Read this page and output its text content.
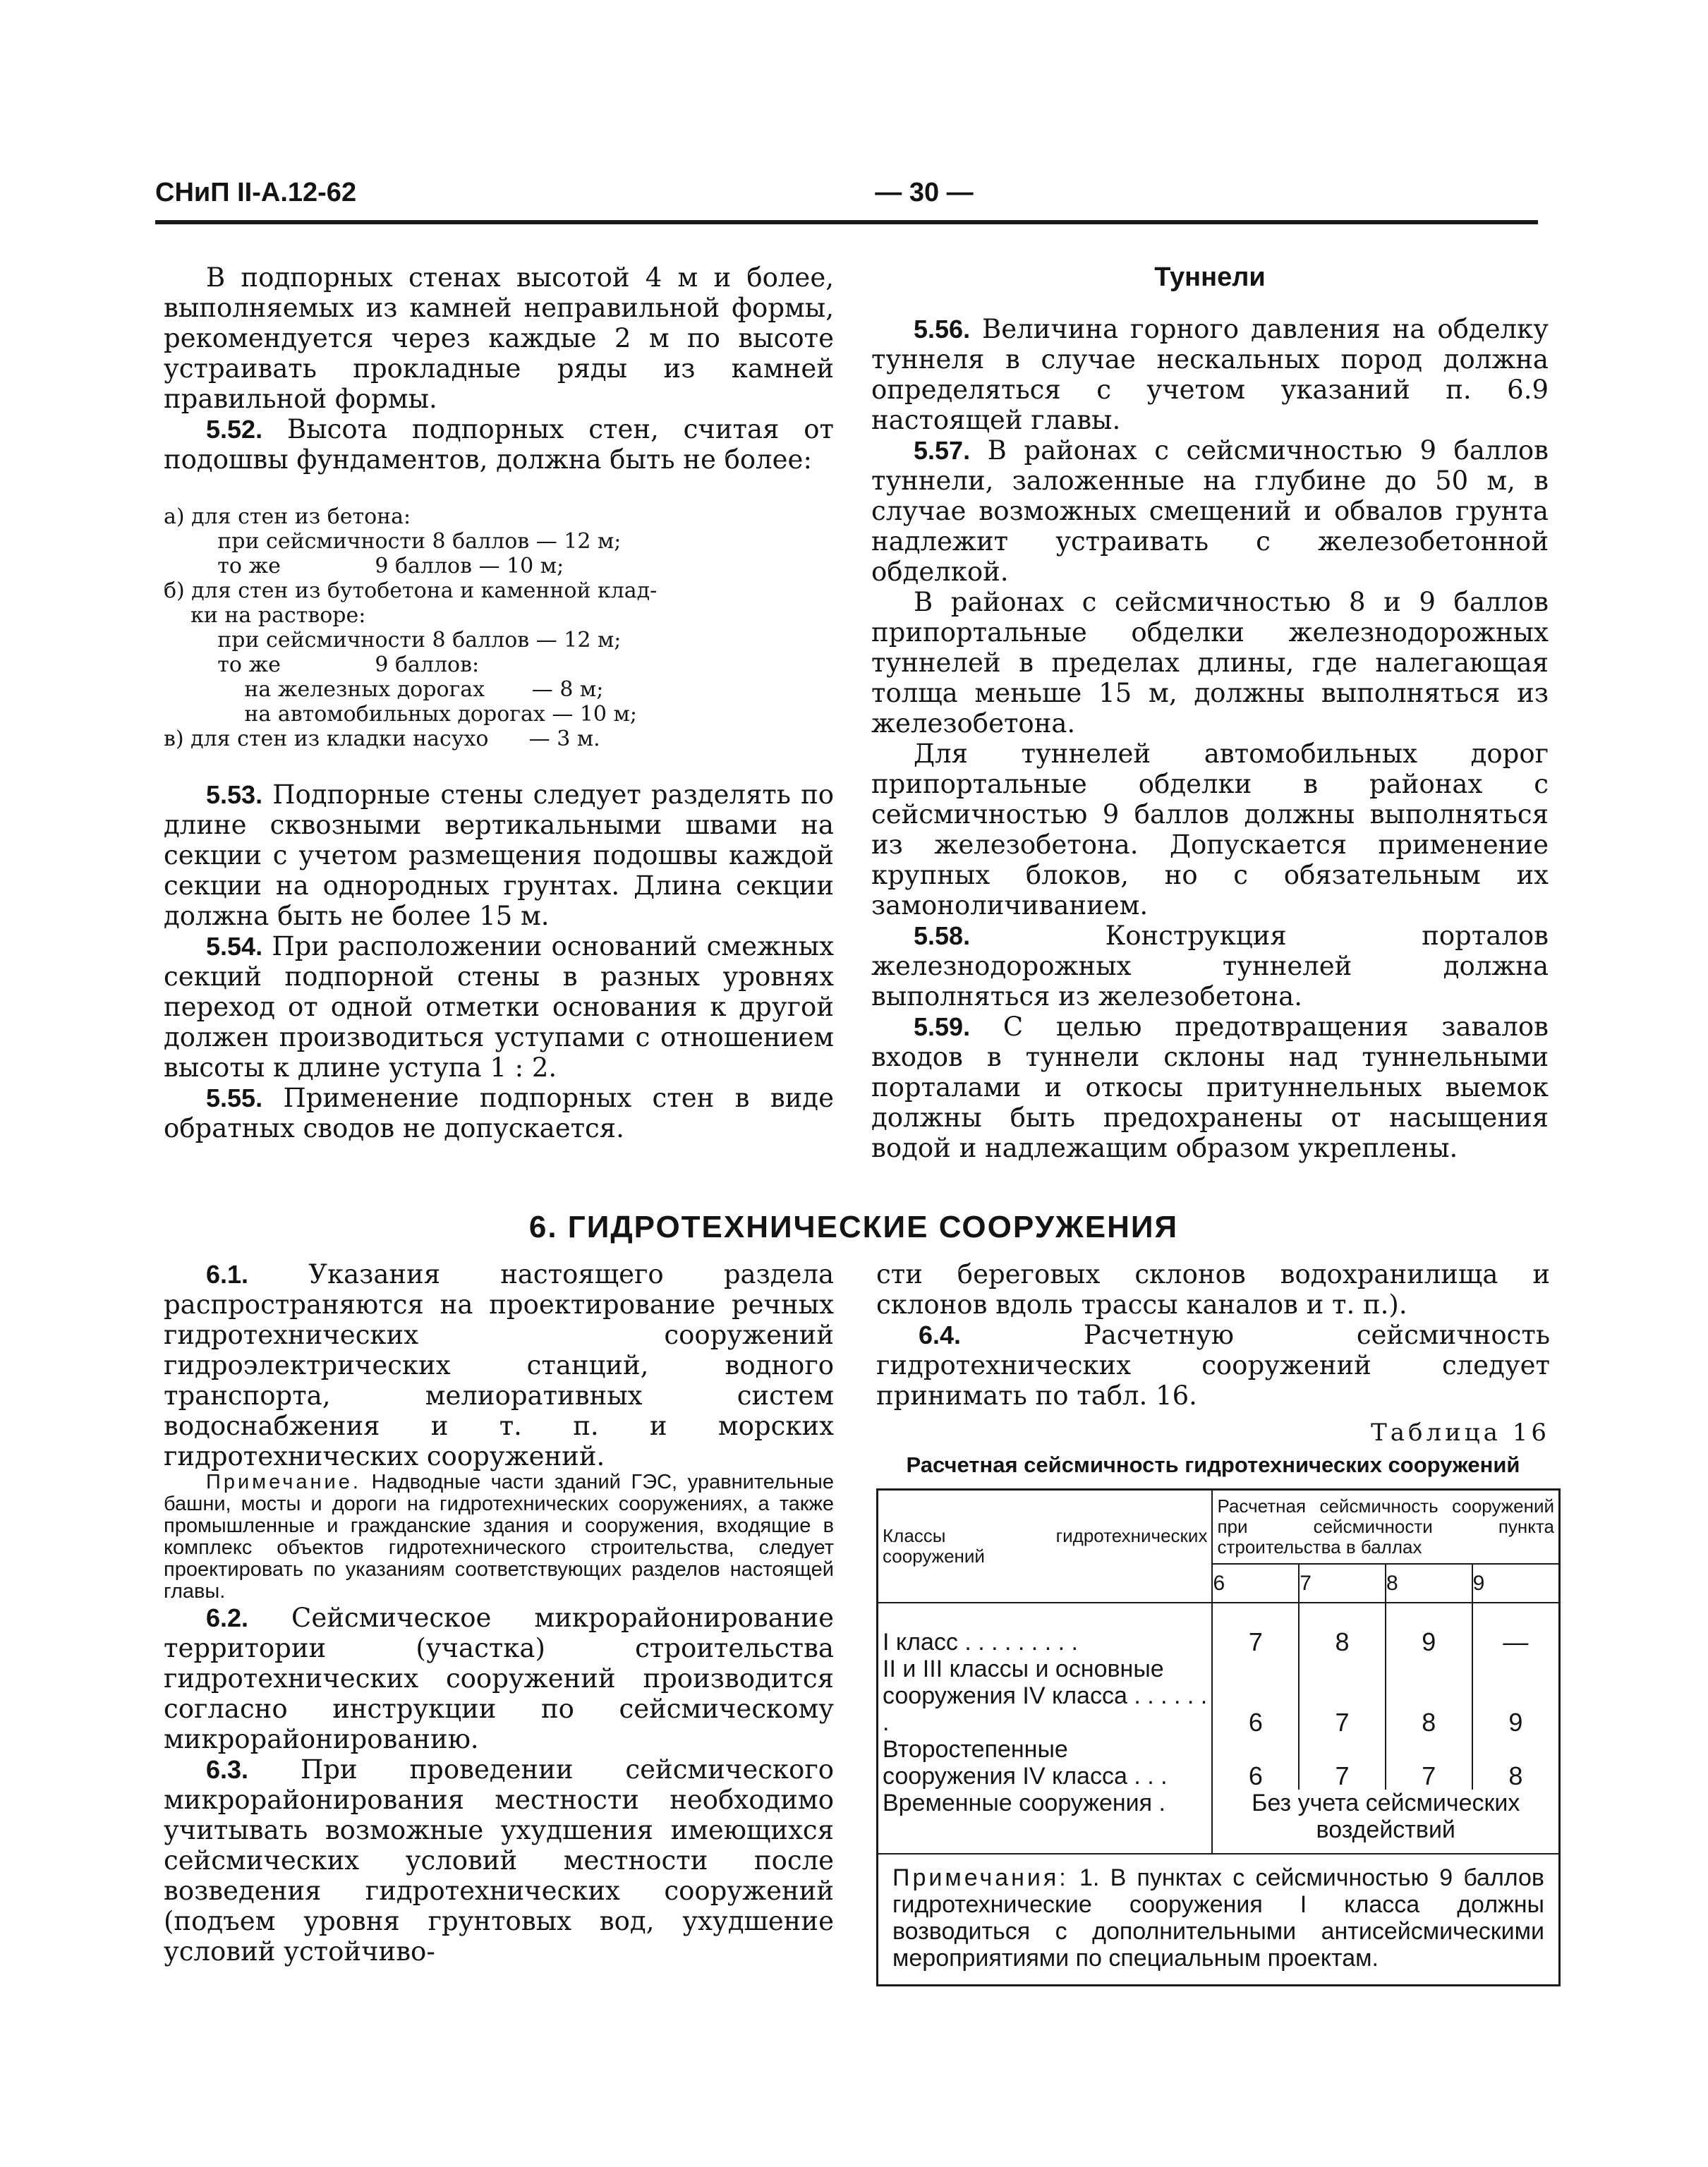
СНиП II-А.12-62	— 30 —

В подпорных стенах высотой 4 м и более, выполняемых из камней неправильной формы, рекомендуется через каждые 2 м по высоте устраивать прокладные ряды из камней правильной формы.

5.52. Высота подпорных стен, считая от подошвы фундаментов, должна быть не более:

а) для стен из бетона:
при сейсмичности 8 баллов — 12 м;
то же              9 баллов — 10 м;
б) для стен из бутобетона и каменной клад-
ки на растворе:
при сейсмичности 8 баллов — 12 м;
то же              9 баллов:
на железных дорогах       — 8 м;
на автомобильных дорогах — 10 м;
в) для стен из кладки насухо      — 3 м.

5.53. Подпорные стены следует разделять по длине сквозными вертикальными швами на секции с учетом размещения подошвы каждой секции на однородных грунтах. Длина секции должна быть не более 15 м.

5.54. При расположении оснований смежных секций подпорной стены в разных уровнях переход от одной отметки основания к другой должен производиться уступами с отношением высоты к длине уступа 1 : 2.

5.55. Применение подпорных стен в виде обратных сводов не допускается.

Туннели

5.56. Величина горного давления на обделку туннеля в случае нескальных пород должна определяться с учетом указаний п. 6.9 настоящей главы.

5.57. В районах с сейсмичностью 9 баллов туннели, заложенные на глубине до 50 м, в случае возможных смещений и обвалов грунта надлежит устраивать с железобетонной обделкой.

В районах с сейсмичностью 8 и 9 баллов припортальные обделки железнодорожных туннелей в пределах длины, где налегающая толща меньше 15 м, должны выполняться из железобетона.

Для туннелей автомобильных дорог припортальные обделки в районах с сейсмичностью 9 баллов должны выполняться из железобетона. Допускается применение крупных блоков, но с обязательным их замоноличиванием.

5.58.	Конструкция порталов железнодорожных туннелей должна выполняться из железобетона.

5.59. С целью предотвращения завалов входов в туннели склоны над туннельными порталами и откосы притуннельных выемок должны быть предохранены от насыщения водой и надлежащим образом укреплены.

6. ГИДРОТЕХНИЧЕСКИЕ СООРУЖЕНИЯ

6.1. Указания настоящего раздела распространяются на проектирование речных гидротехнических сооружений гидроэлектрических станций, водного транспорта, мелиоративных систем водоснабжения и т. п. и морских гидротехнических сооружений.

Примечание. Надводные части зданий ГЭС, уравнительные башни, мосты и дороги на гидротехнических сооружениях, а также промышленные и гражданские здания и сооружения, входящие в комплекс объектов гидротехнического строительства, следует проектировать по указаниям соответствующих разделов настоящей главы.

6.2. Сейсмическое микрорайонирование территории (участка) строительства гидротехнических сооружений производится согласно инструкции по сейсмическому микрорайонированию.

6.3. При проведении сейсмического микрорайонирования местности необходимо учитывать возможные ухудшения имеющихся сейсмических условий местности после возведения гидротехнических сооружений (подъем уровня грунтовых вод, ухудшение условий устойчиво-

сти береговых склонов водохранилища и склонов вдоль трассы каналов и т. п.).

6.4.	Расчетную сейсмичность гидротехнических сооружений следует принимать по табл. 16.

Таблица 16
Расчетная сейсмичность гидротехнических сооружений
Классы гидротехнических сооружений	Расчетная сейсмичность сооружений при сейсмичности пункта строительства в баллах			
	6	7	8	9
I класс . . . . . . . . .	7	8	9	—
II и III классы и основные сооружения IV класса . . . . . . .	6	7	8	9
Второстепенные сооружения IV класса . . .	6	7	7	8
Временные сооружения .	Без учета сейсмических воздействий			
Примечания: 1. В пунктах с сейсмичностью 9 баллов гидротехнические сооружения I класса должны возводиться с дополнительными антисейсмическими мероприятиями по специальным проектам.				
